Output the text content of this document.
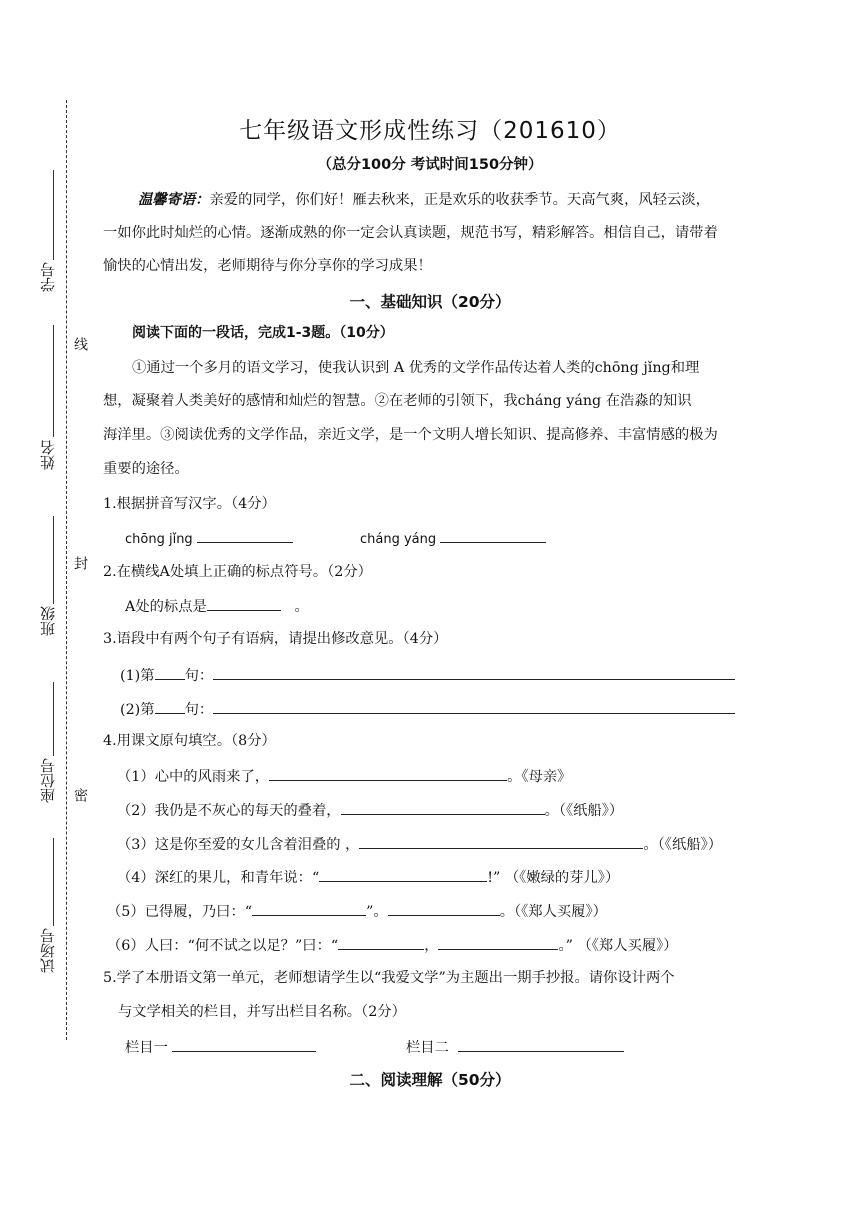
学号
姓名
班级
座位号
试场号
线
封
密
七年级语文形成性练习（201610）
（总分100分 考试时间150分钟）
温馨寄语：亲爱的同学，你们好！雁去秋来，正是欢乐的收获季节。天高气爽，风轻云淡，
一如你此时灿烂的心情。逐渐成熟的你一定会认真读题，规范书写，精彩解答。相信自己，请带着
愉快的心情出发，老师期待与你分享你的学习成果！
一、基础知识（20分）
阅读下面的一段话，完成1-3题。（10分）
①通过一个多月的语文学习，使我认识到 A 优秀的文学作品传达着人类的chōng jǐng和理
想，凝聚着人类美好的感情和灿烂的智慧。②在老师的引领下，我cháng yáng 在浩淼的知识
海洋里。③阅读优秀的文学作品，亲近文学，是一个文明人增长知识、提高修养、丰富情感的极为
重要的途径。
1.根据拼音写汉字。（4分）
chōng jǐng	cháng yáng
2.在横线A处填上正确的标点符号。（2分）
A处的标点是	。
3.语段中有两个句子有语病，请提出修改意见。（4分）
(1)第 句：
(2)第 句：
4.用课文原句填空。（8分）
（1）心中的风雨来了，	。《母亲》
（2）我仍是不灰心的每天的叠着，	。（《纸船》）
（3）这是你至爱的女儿含着泪叠的 ，	。（《纸船》）
（4）深红的果儿，和青年说：“	!” （《嫩绿的芽儿》）
（5）已得履，乃曰：“	”。	。（《郑人买履》）
（6）人曰：“何不试之以足？”曰：“	，	。” （《郑人买履》）
5.学了本册语文第一单元，老师想请学生以“我爱文学”为主题出一期手抄报。请你设计两个
与文学相关的栏目，并写出栏目名称。（2分）
栏目一	栏目二
二、阅读理解（50分）
